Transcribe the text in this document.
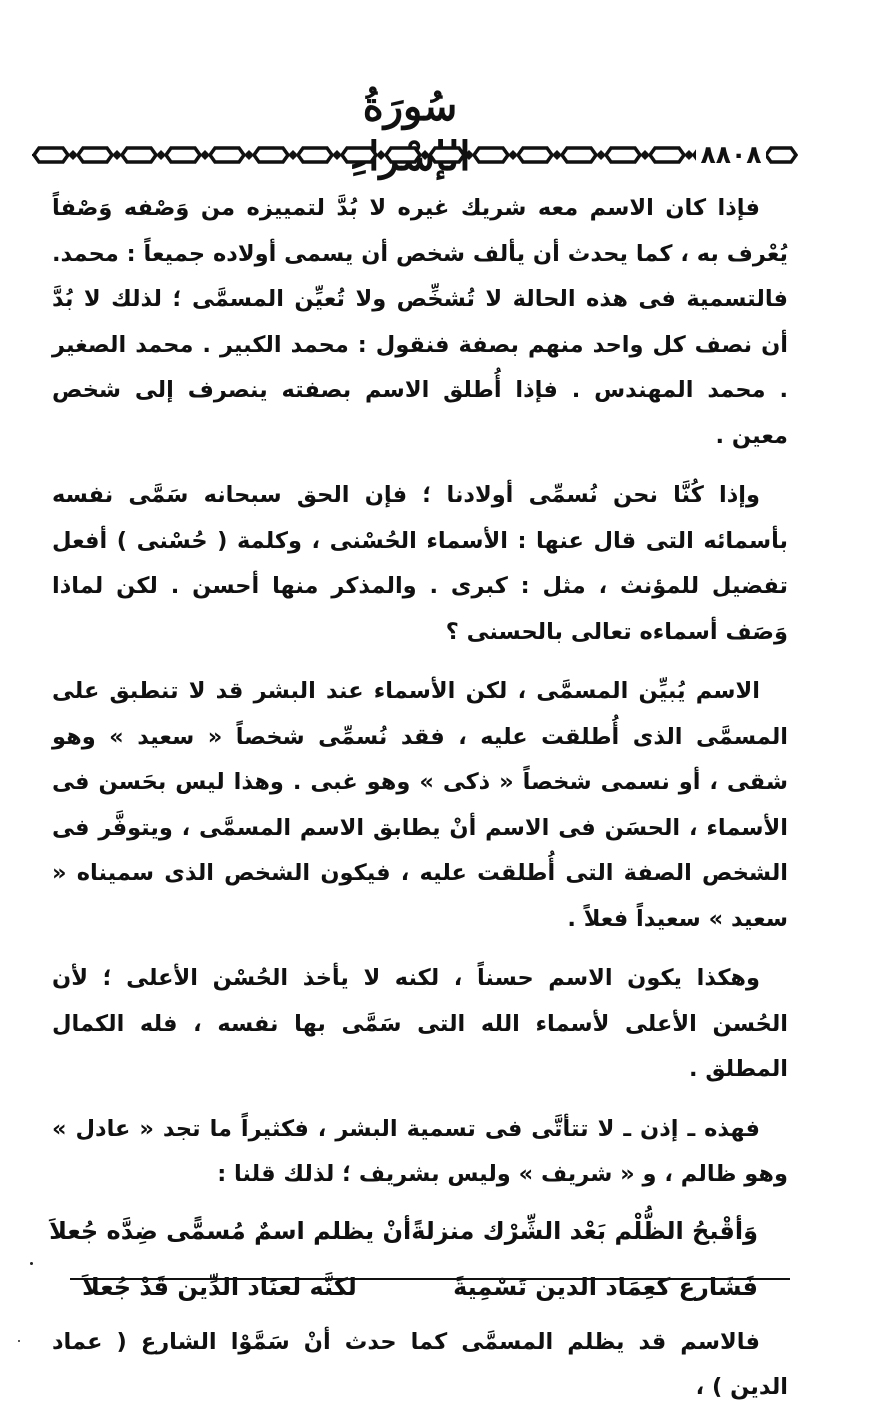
سُورَةُ
٨٨٠٨

فإذا كان الاسم معه شريك غيره لا بُدَّ لتمييزه من وَصْفه وَصْفاً يُعْرف به ، كما يحدث أن يألف شخص أن يسمى أولاده جميعاً : محمد. فالتسمية فى هذه الحالة لا تُشخِّص ولا تُعيِّن المسمَّى ؛ لذلك لا بُدَّ أن نصف كل واحد منهم بصفة فنقول : محمد الكبير . محمد الصغير . محمد المهندس . فإذا أُطلق الاسم بصفته ينصرف إلى شخص معين .

وإذا كُنَّا نحن نُسمِّى أولادنا ؛ فإن الحق سبحانه سَمَّى نفسه بأسمائه التى قال عنها : الأسماء الحُسْنى ، وكلمة ( حُسْنى ) أفعل تفضيل للمؤنث ، مثل : كبرى . والمذكر منها أحسن . لكن لماذا وَصَف أسماءه تعالى بالحسنى ؟

الاسم يُبيِّن المسمَّى ، لكن الأسماء عند البشر قد لا تنطبق على المسمَّى الذى أُطلقت عليه ، فقد نُسمِّى شخصاً « سعيد » وهو شقى ، أو نسمى شخصاً « ذكى » وهو غبى . وهذا ليس بحَسن فى الأسماء ، الحسَن فى الاسم أنْ يطابق الاسم المسمَّى ، ويتوفَّر فى الشخص الصفة التى أُطلقت عليه ، فيكون الشخص الذى سميناه « سعيد » سعيداً فعلاً .

وهكذا يكون الاسم حسناً ، لكنه لا يأخذ الحُسْن الأعلى ؛ لأن الحُسن الأعلى لأسماء الله التى سَمَّى بها نفسه ، فله الكمال المطلق .

فهذه ـ إذن ـ لا تتأتَّى فى تسمية البشر ، فكثيراً ما تجد « عادل » وهو ظالم ، و « شريف » وليس بشريف ؛ لذلك قلنا :

وَأقْبحُ الظُّلْم بَعْد الشِّرْك منزلةً
أنْ يظلم اسمٌ مُسمًّى ضِدَّه جُعلاَ
فَشَارع كعِمَاد الدين تَسْمِيةً
لكنَّه لعنَاد الدِّين قَدْ جُعلاَ

فالاسم قد يظلم المسمَّى كما حدث أنْ سَمَّوْا الشارع ( عماد الدين ) ،
